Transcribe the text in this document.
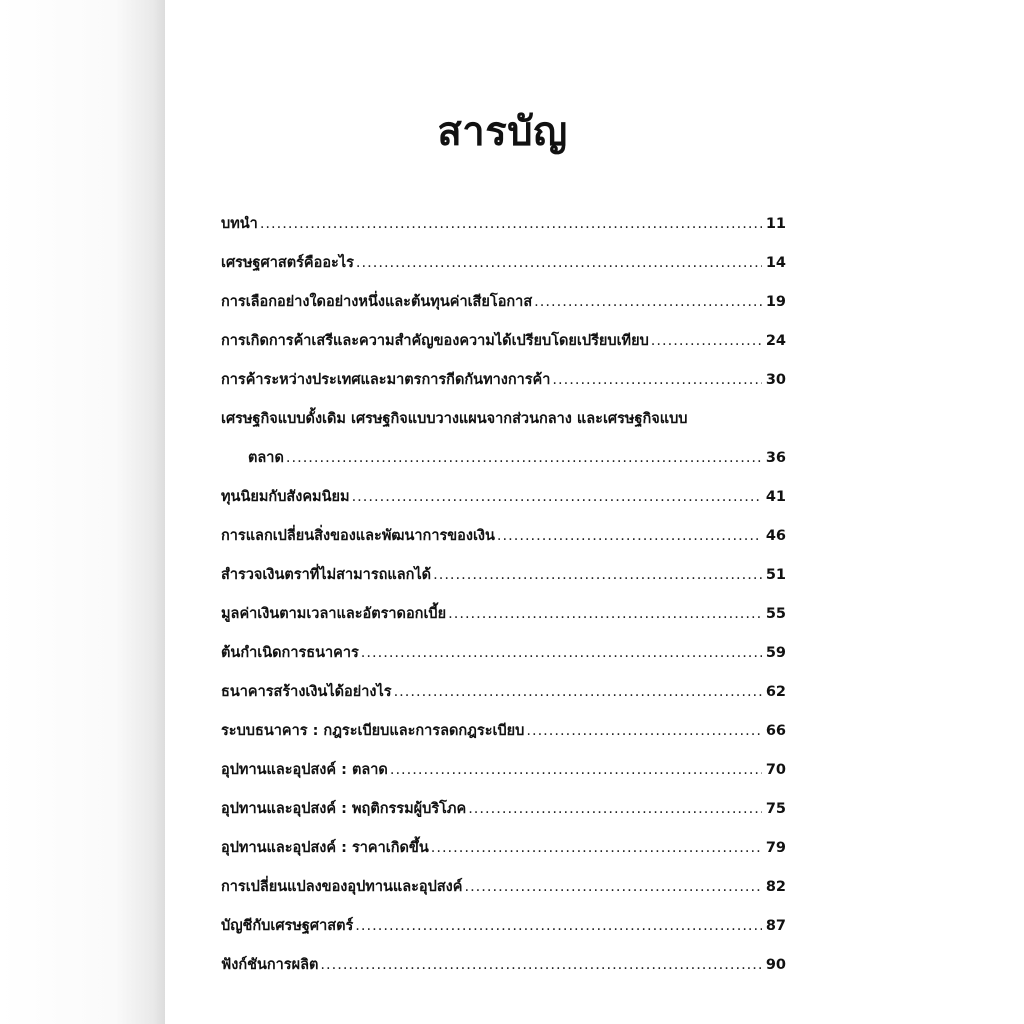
สารบัญ
บทนำ .....	11
เศรษฐศาสตร์คืออะไร .....	14
การเลือกอย่างใดอย่างหนึ่งและต้นทุนค่าเสียโอกาส .....	19
การเกิดการค้าเสรีและความสำคัญของความได้เปรียบโดยเปรียบเทียบ .....	24
การค้าระหว่างประเทศและมาตรการกีดกันทางการค้า .....	30
เศรษฐกิจแบบดั้งเดิม เศรษฐกิจแบบวางแผนจากส่วนกลาง และเศรษฐกิจแบบ
ตลาด .....	36
ทุนนิยมกับสังคมนิยม .....	41
การแลกเปลี่ยนสิ่งของและพัฒนาการของเงิน .....	46
สำรวจเงินตราที่ไม่สามารถแลกได้ .....	51
มูลค่าเงินตามเวลาและอัตราดอกเบี้ย .....	55
ต้นกำเนิดการธนาคาร .....	59
ธนาคารสร้างเงินได้อย่างไร .....	62
ระบบธนาคาร : กฎระเบียบและการลดกฎระเบียบ .....	66
อุปทานและอุปสงค์ : ตลาด .....	70
อุปทานและอุปสงค์ : พฤติกรรมผู้บริโภค .....	75
อุปทานและอุปสงค์ : ราคาเกิดขึ้น .....	79
การเปลี่ยนแปลงของอุปทานและอุปสงค์ .....	82
บัญชีกับเศรษฐศาสตร์ .....	87
ฟังก์ชันการผลิต .....	90
